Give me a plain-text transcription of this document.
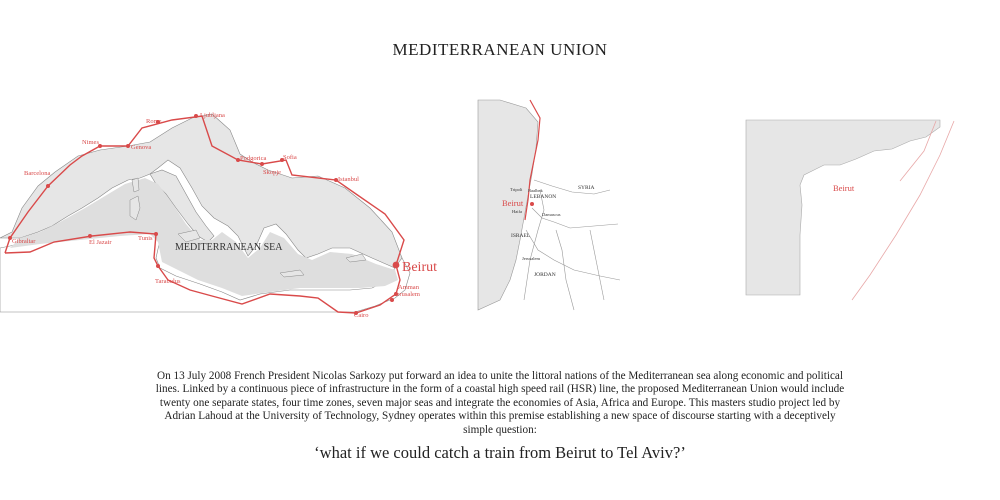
MEDITERRANEAN UNION
Gibraltar	El Jazair
Tunis
Barcelona
Nimes
Genova
Rome
Ljubljana
Podgorica	Sofia
Skopje
Istanbul
Tarabulus
Amman
Jerusalem
Cairo
MEDITERRANEAN SEA
Beirut
Beirut
SYRIA
LEBANON
ISRAEL
JORDAN
Tripoli Baalbek
Damascus
Haifa
Jerusalem
Beirut
On 13 July 2008 French President Nicolas Sarkozy put forward an idea to unite the littoral nations of the Mediterranean sea along economic and political lines. Linked by a continuous piece of infrastructure in the form of a coastal high speed rail (HSR) line, the proposed Mediterranean Union would include twenty one separate states, four time zones, seven major seas and integrate the economies of Asia, Africa and Europe. This masters studio project led by Adrian Lahoud at the University of Technology, Sydney operates within this premise establishing a new space of discourse starting with a deceptively simple question:
‘what if we could catch a train from Beirut to Tel Aviv?’
